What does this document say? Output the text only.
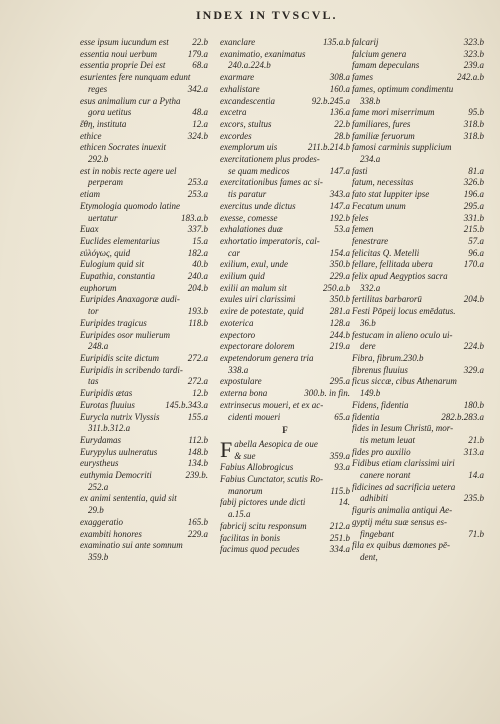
INDEX IN TVSCVL.
22.b
esse ipsum iucundum est
179.a
essentia noui uerbum
68.a
essentia proprie Dei est
esurientes fere nunquam edunt
342.a
reges
esus animalium cur a Pytha
48.a
gora uetitus
12.a
ἔθη, instituta
324.b
ethice
ethicen Socrates inuexit
292.b
est in nobis recte agere uel
253.a
perperam
253.a
etiam
Etymologia quomodo latine
183.a.b
uertatur
337.b
Euax
15.a
Euclides elementarius
182.a
εὐλόγως, quid
40.b
Eulogium quid sit
240.a
Eupathia, constantia
204.b
euphorum
Euripides Anaxagoræ audi-
193.b
tor
118.b
Euripides tragicus
Euripides osor mulierum
248.a
272.a
Euripidis scite dictum
Euripidis in scribendo tardi-
272.a
tas
12.b
Euripidis ætas
145.b.343.a
Eurotas fluuius
155.a
Eurycla nutrix Vlyssis
311.b.312.a
112.b
Eurydamas
148.b
Eurypylus uulneratus
134.b
eurystheus
239.b.
euthymia Democriti
252.a
ex animi sententia, quid sit
29.b
165.b
exaggeratio
229.a
exambiti honores
examinatio sui ante somnum
359.b
135.a.b
exanclare
exanimatio, exanimatus
240.a.224.b
308.a
exarmare
160.a
exhalistare
92.b.245.a
excandescentia
136.a
excetra
22.b
excors, stultus
28.b
excordes
211.b.214.b
exemplorum uis
exercitationem plus prodes-
147.a
se quam medicos
exercitationibus fames ac si-
343.a
tis paratur
147.a
exercitus unde dictus
192.b
exesse, comesse
53.a
exhalationes duæ
exhortatio imperatoris, cal-
154.a
car
350.b
exilium, exul, unde
229.a
exilium quid
250.a.b
exilii an malum sit
350.b
exules uiri clarissimi
281.a
exire de potestate, quid
128.a
exoterica
244.b
expectoro
219.a
expectorare dolorem
expetendorum genera tria
338.a
295.a
expostulare
300.b. in fin.
externa bona
extrinsecus moueri, et ex ac-
65.a
cidenti moueri
F
Fabella Aesopica de oue
359.a
& sue
93.a
Fabius Allobrogicus
Fabius Cunctator, scutis Ro-
115.b
manorum
14.
fabij pictores unde dicti
a.15.a
212.a
fabricij scitu responsum
251.b
facilitas in bonis
334.a
facimus quod pecudes
323.b
falcarij
323.b
falcium genera
239.a
famam depeculans
242.a.b
fames
fames, optimum condimentu
338.b
95.b
fame mori miserrimum
318.b
familiares, fures
318.b
familiæ feruorum
famosi carminis supplicium
234.a
81.a
fasti
326.b
fatum, necessitas
196.a
fato stat Iuppiter ipse
295.a
Fecatum unum
331.b
feles
215.b
femen
57.a
fenestrare
96.a
felicitas Q. Metelli
170.a
fellare, fellitada ubera
felix apud Aegyptios sacra
332.a
204.b
fertilitas barbarorū
Festi Pōpeij locus emēdatus.
36.b
festucam in alieno oculo ui-
224.b
dere
Fibra, fibrum.230.b
329.a
fibrenus fluuius
ficus siccæ, cibus Athenarum
149.b
180.b
Fidens, fidentia
282.b.283.a
fidentia
fides in Iesum Christū, mor-
21.b
tis metum leuat
313.a
fides pro auxilio
Fidibus etiam clarissimi uiri
14.a
canere norant
fidicines ad sacrificia uetera
235.b
adhibiti
figuris animalia antiqui Ae-
gyptij métu suæ sensus es-
71.b
fingebant
fila ex quibus dæmones pē-
dent,
